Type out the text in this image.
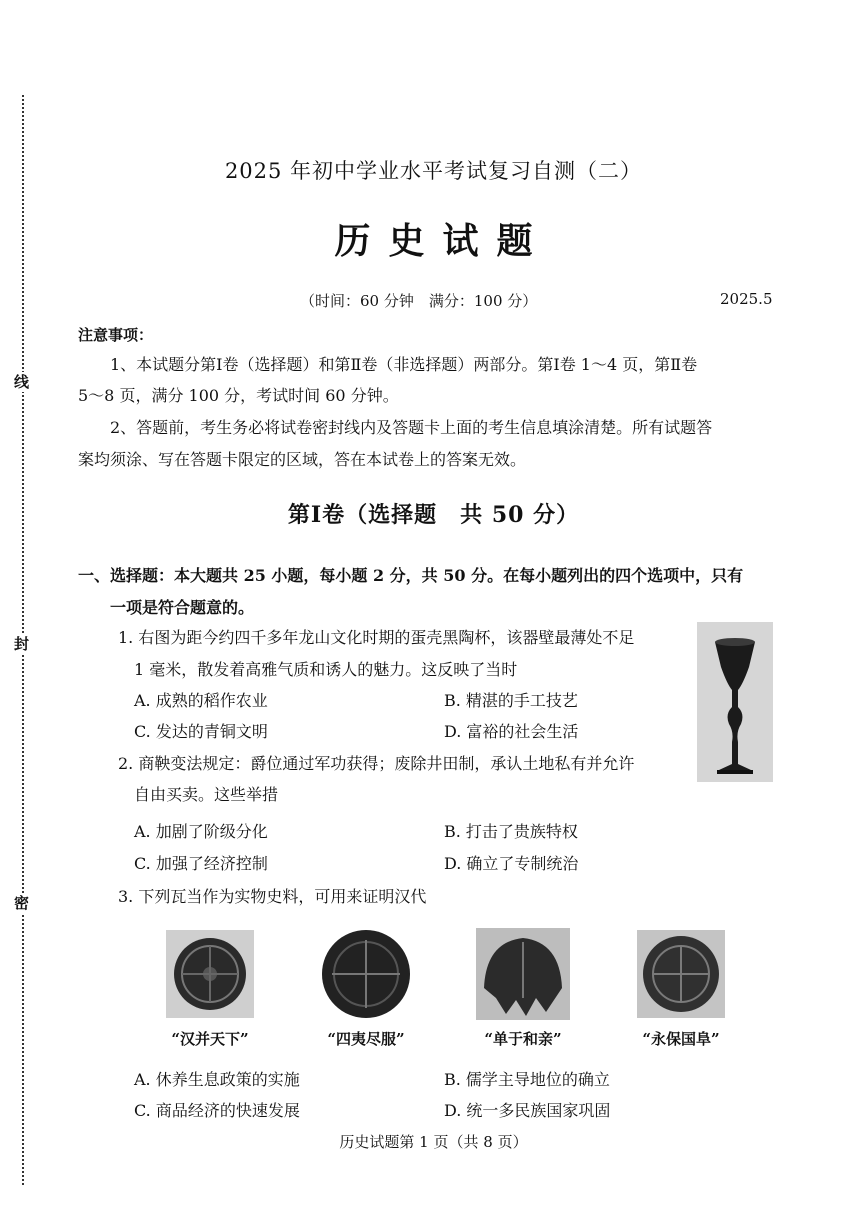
线
封
密
2025 年初中学业水平考试复习自测（二）
历史试题
（时间：60 分钟　满分：100 分）	2025.5
注意事项：
1、本试题分第Ⅰ卷（选择题）和第Ⅱ卷（非选择题）两部分。第Ⅰ卷 1～4 页，第Ⅱ卷
5～8 页，满分 100 分，考试时间 60 分钟。
2、答题前，考生务必将试卷密封线内及答题卡上面的考生信息填涂清楚。所有试题答
案均须涂、写在答题卡限定的区域，答在本试卷上的答案无效。
第Ⅰ卷（选择题　共 50 分）
一、选择题：本大题共 25 小题，每小题 2 分，共 50 分。在每小题列出的四个选项中，只有
一项是符合题意的。
1. 右图为距今约四千多年龙山文化时期的蛋壳黑陶杯，该器壁最薄处不足
1 毫米，散发着高雅气质和诱人的魅力。这反映了当时
A. 成熟的稻作农业	B. 精湛的手工技艺
C. 发达的青铜文明	D. 富裕的社会生活
2. 商鞅变法规定：爵位通过军功获得；废除井田制，承认土地私有并允许
自由买卖。这些举措
A. 加剧了阶级分化	B. 打击了贵族特权
C. 加强了经济控制	D. 确立了专制统治
3. 下列瓦当作为实物史料，可用来证明汉代
“汉并天下”	“四夷尽服”	“单于和亲”	“永保国阜”
A. 休养生息政策的实施	B. 儒学主导地位的确立
C. 商品经济的快速发展	D. 统一多民族国家巩固
历史试题第 1 页（共 8 页）
